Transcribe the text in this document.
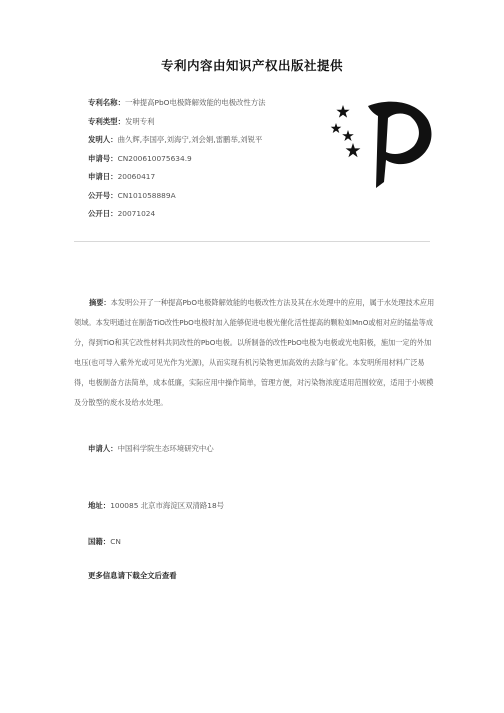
专利内容由知识产权出版社提供
专利名称：一种提高PbO电极降解效能的电极改性方法
专利类型：发明专利
发明人：曲久辉,李国亭,刘海宁,刘会娟,雷鹏举,刘锐平
申请号：CN200610075634.9
申请日：20060417
公开号：CN101058889A
公开日：20071024
摘要：本发明公开了一种提高PbO电极降解效能的电极改性方法及其在水处理中的应用，属于水处理技术应用领域。本发明通过在制备TiO改性PbO电极时加入能够促进电极光催化活性提高的颗粒如MnO或相对应的锰盐等成分，得到TiO和其它改性材料共同改性的PbO电极。以所制备的改性PbO电极为电极或光电阳极，施加一定的外加电压(也可导入紫外光或可见光作为光源)，从而实现有机污染物更加高效的去除与矿化。本发明所用材料广泛易得，电极制备方法简单，成本低廉，实际应用中操作简单，管理方便，对污染物浓度适用范围较宽，适用于小规模及分散型的废水及给水处理。
申请人：中国科学院生态环境研究中心
地址：100085 北京市海淀区双清路18号
国籍：CN
更多信息请下载全文后查看
